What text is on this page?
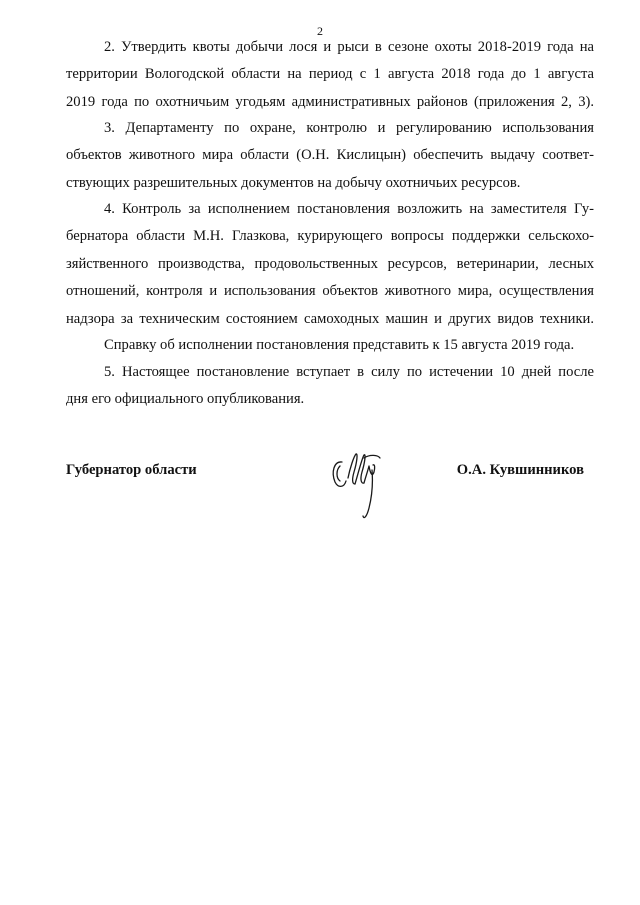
2
2. Утвердить квоты добычи лося и рыси в сезоне охоты 2018-2019 года на
территории Вологодской области на период с 1 августа 2018 года до 1 августа
2019 года по охотничьим угодьям административных районов (приложения 2, 3).
3. Департаменту по охране, контролю и регулированию использования
объектов животного мира области (О.Н. Кислицын) обеспечить выдачу соответ-
ствующих разрешительных документов на добычу охотничьих ресурсов.
4. Контроль за исполнением постановления возложить на заместителя Гу-
бернатора области М.Н. Глазкова, курирующего вопросы поддержки сельскохо-
зяйственного производства, продовольственных ресурсов, ветеринарии, лесных
отношений, контроля и использования объектов животного мира, осуществления
надзора за техническим состоянием самоходных машин и других видов техники.
Справку об исполнении постановления представить к 15 августа 2019 года.
5. Настоящее постановление вступает в силу по истечении 10 дней после
дня его официального опубликования.
Губернатор области	О.А. Кувшинников
